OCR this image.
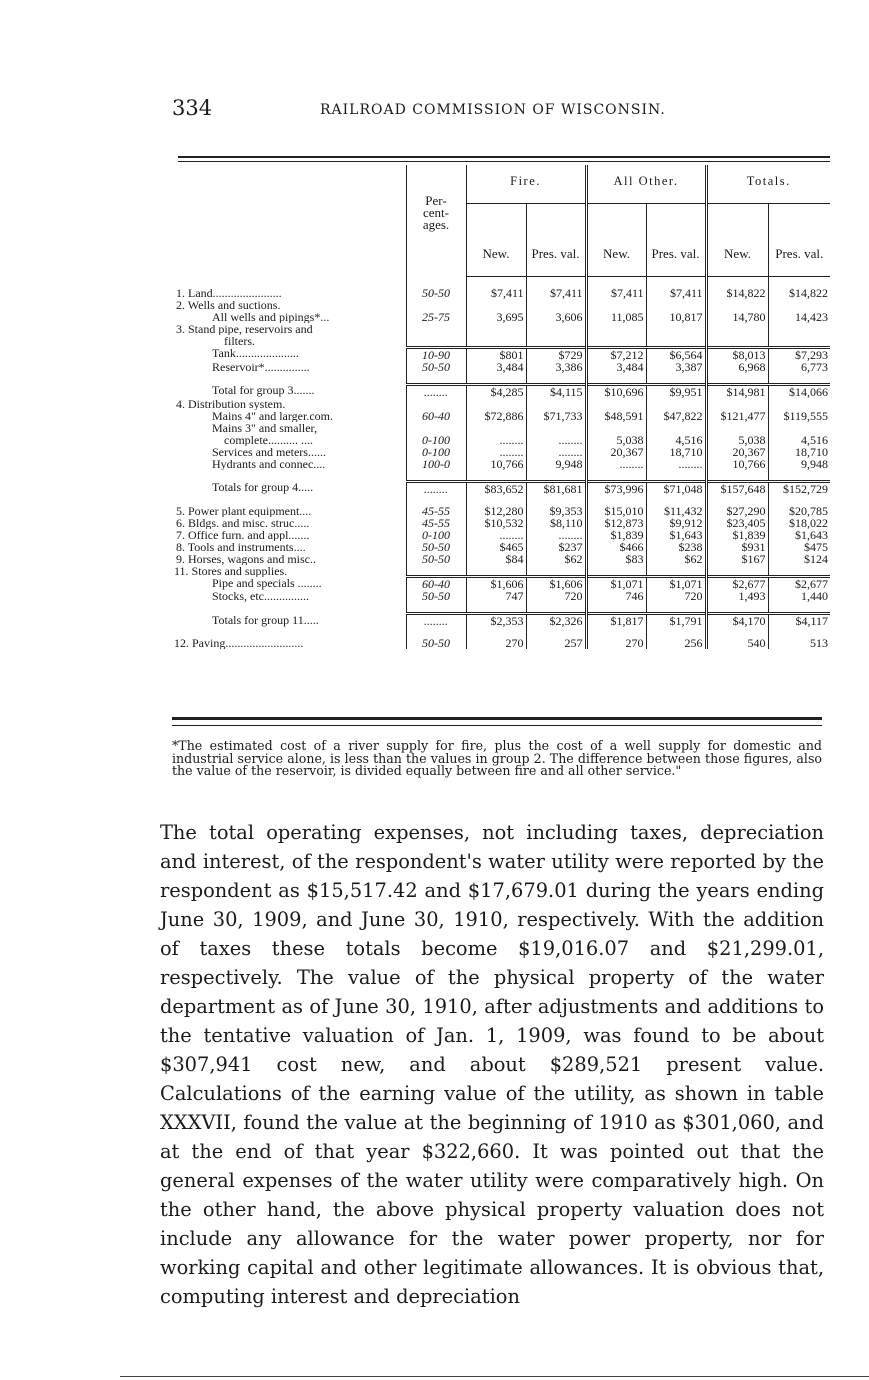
334	RAILROAD COMMISSION OF WISCONSIN.
	Per-
cent-
ages.	Fire.		All Other.		Totals.	
		New.	Pres. val.	New.	Pres. val.	New.	Pres. val.

1. Land.......................	50-50	$7,411	$7,411	$7,411	$7,411	$14,822	$14,822
2. Wells and suctions.							
All wells and pipings*...	25-75	3,695	3,606	11,085	10,817	14,780	14,423
3. Stand pipe, reservoirs and							
filters.							
Tank.....................	10-90	$801	$729	$7,212	$6,564	$8,013	$7,293
Reservoir*...............	50-50	3,484	3,386	3,484	3,387	6,968	6,773

Total for group 3.......	........	$4,285	$4,115	$10,696	$9,951	$14,981	$14,066
4. Distribution system.							
Mains 4" and larger.com.	60-40	$72,886	$71,733	$48,591	$47,822	$121,477	$119,555
Mains 3" and smaller,							
complete.......... ....	0-100	........	........	5,038	4,516	5,038	4,516
Services and meters......	0-100	........	........	20,367	18,710	20,367	18,710
Hydrants and connec....	100-0	10,766	9,948	........	........	10,766	9,948

Totals for group 4.....	........	$83,652	$81,681	$73,996	$71,048	$157,648	$152,729

5. Power plant equipment....	45-55	$12,280	$9,353	$15,010	$11,432	$27,290	$20,785
6. Bldgs. and misc. struc.....	45-55	$10,532	$8,110	$12,873	$9,912	$23,405	$18,022
7. Office furn. and appl.......	0-100	........	........	$1,839	$1,643	$1,839	$1,643
8. Tools and instruments....	50-50	$465	$237	$466	$238	$931	$475
9. Horses, wagons and misc..	50-50	$84	$62	$83	$62	$167	$124
11. Stores and supplies.							
Pipe and specials ........	60-40	$1,606	$1,606	$1,071	$1,071	$2,677	$2,677
Stocks, etc...............	50-50	747	720	746	720	1,493	1,440

Totals for group 11.....	........	$2,353	$2,326	$1,817	$1,791	$4,170	$4,117

12. Paving..........................	50-50	270	257	270	256	540	513
*The estimated cost of a river supply for fire, plus the cost of a well supply for domestic and industrial service alone, is less than the values in group 2. The difference between those figures, also the value of the reservoir, is divided equally between fire and all other service."
The total operating expenses, not including taxes, depreciation and interest, of the respondent's water utility were reported by the respondent as $15,517.42 and $17,679.01 during the years ending June 30, 1909, and June 30, 1910, respectively. With the addition of taxes these totals become $19,016.07 and $21,299.01, respectively. The value of the physical property of the water department as of June 30, 1910, after adjustments and additions to the tentative valuation of Jan. 1, 1909, was found to be about $307,941 cost new, and about $289,521 present value. Calculations of the earning value of the utility, as shown in table XXXVII, found the value at the beginning of 1910 as $301,060, and at the end of that year $322,660. It was pointed out that the general expenses of the water utility were comparatively high. On the other hand, the above physical property valuation does not include any allowance for the water power property, nor for working capital and other legitimate allowances. It is obvious that, computing interest and depreciation
